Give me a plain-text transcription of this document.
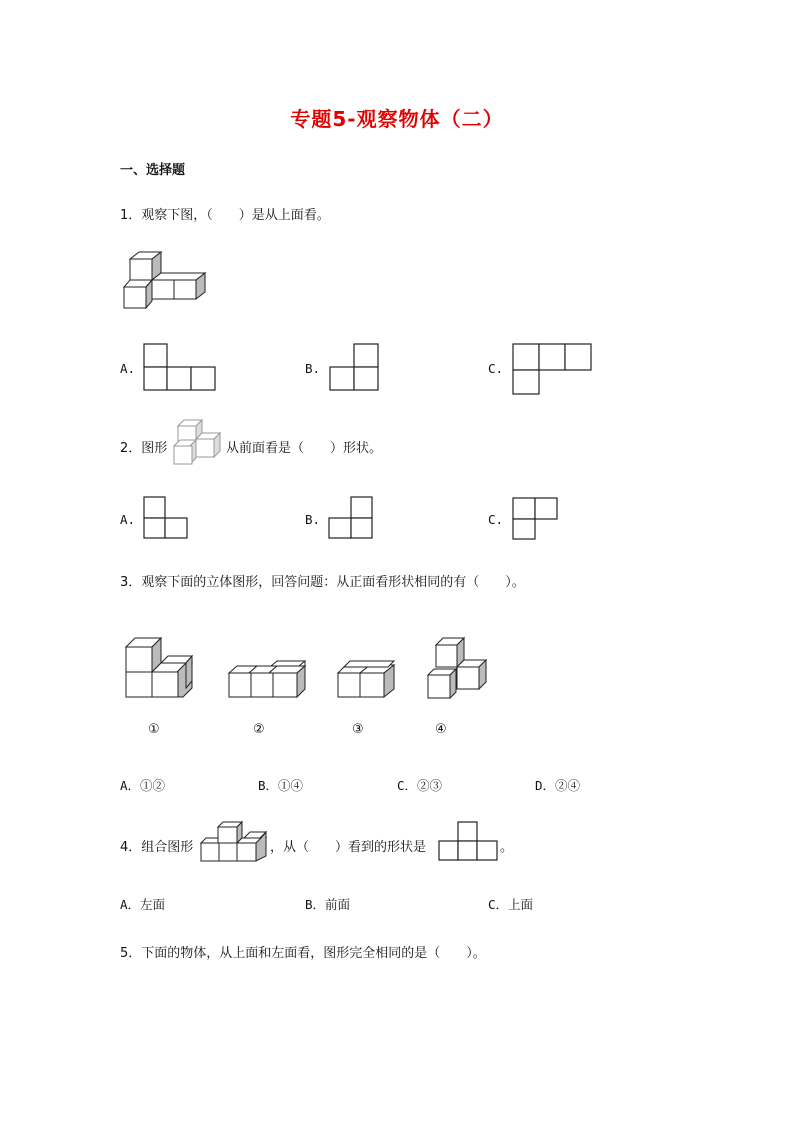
专题5-观察物体（二）
一、选择题
1．观察下图，（　　）是从上面看。
A.	B.	C.
2．图形	从前面看是（　　）形状。
A.	B.	C.
3．观察下面的立体图形，回答问题：从正面看形状相同的有（　　）。
①	②	③	④
A．①②	B．①④	C．②③	D．②④
4．组合图形	，从（　　）看到的形状是	。
A．左面	B．前面	C．上面
5．下面的物体，从上面和左面看，图形完全相同的是（　　）。
